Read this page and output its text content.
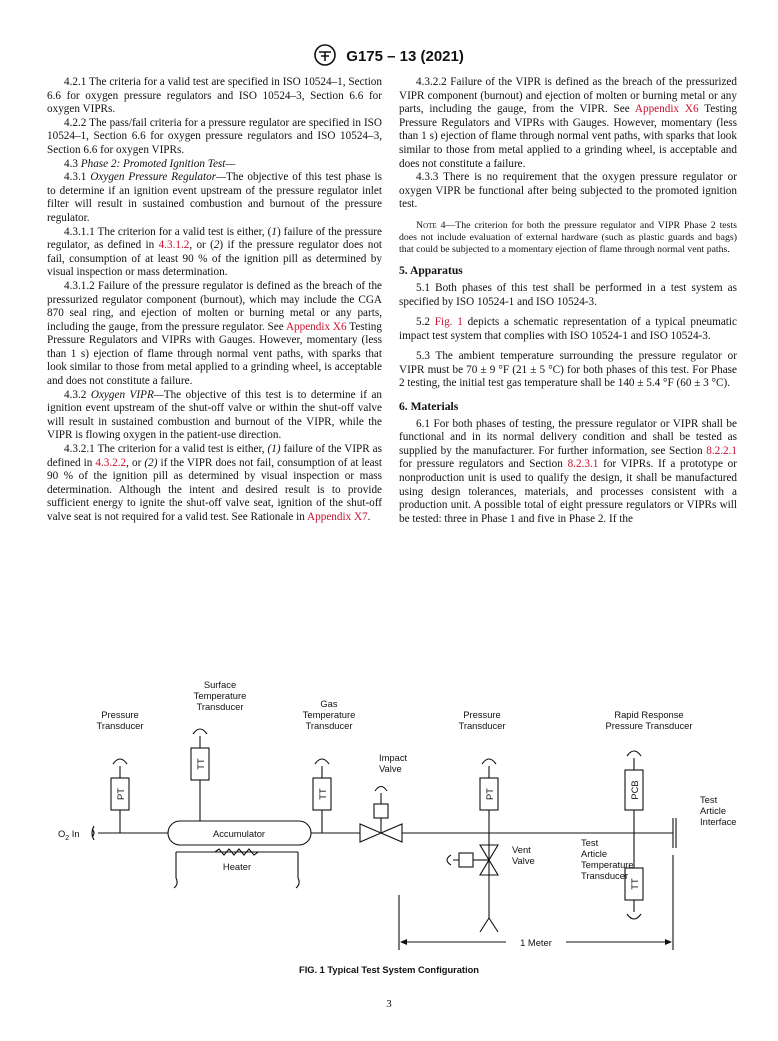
G175 – 13 (2021)

4.2.1 The criteria for a valid test are specified in ISO 10524–1, Section 6.6 for oxygen pressure regulators and ISO 10524–3, Section 6.6 for oxygen VIPRs.

4.2.2 The pass/fail criteria for a pressure regulator are specified in ISO 10524–1, Section 6.6 for oxygen pressure regulators and ISO 10524–3, Section 6.6 for oxygen VIPRs.

4.3 Phase 2: Promoted Ignition Test—

4.3.1 Oxygen Pressure Regulator—The objective of this test phase is to determine if an ignition event upstream of the pressure regulator inlet filter will result in sustained combustion and burnout of the pressure regulator.

4.3.1.1 The criterion for a valid test is either, (1) failure of the pressure regulator, as defined in 4.3.1.2, or (2) if the pressure regulator does not fail, consumption of at least 90 % of the ignition pill as determined by visual inspection or mass determination.

4.3.1.2 Failure of the pressure regulator is defined as the breach of the pressurized regulator component (burnout), which may include the CGA 870 seal ring, and ejection of molten or burning metal or any parts, including the gauge, from the pressure regulator. See Appendix X6 Testing Pressure Regulators and VIPRs with Gauges. However, momentary (less than 1 s) ejection of flame through normal vent paths, with sparks that look similar to those from metal applied to a grinding wheel, is acceptable and does not constitute a failure.

4.3.2 Oxygen VIPR—The objective of this test is to determine if an ignition event upstream of the shut-off valve or within the shut-off valve will result in sustained combustion and burnout of the VIPR, while the VIPR is flowing oxygen in the patient-use direction.

4.3.2.1 The criterion for a valid test is either, (1) failure of the VIPR as defined in 4.3.2.2, or (2) if the VIPR does not fail, consumption of at least 90 % of the ignition pill as determined by visual inspection or mass determination. Although the intent and desired result is to provide sufficient energy to ignite the shut-off valve seat, ignition of the shut-off valve seat is not required for a valid test. See Rationale in Appendix X7.

4.3.2.2 Failure of the VIPR is defined as the breach of the pressurized VIPR component (burnout) and ejection of molten or burning metal or any parts, including the gauge, from the VIPR. See Appendix X6 Testing Pressure Regulators and VIPRs with Gauges. However, momentary (less than 1 s) ejection of flame through normal vent paths, with sparks that look similar to those from metal applied to a grinding wheel, is acceptable and does not constitute a failure.

4.3.3 There is no requirement that the oxygen pressure regulator or oxygen VIPR be functional after being subjected to the promoted ignition test.

Note 4—The criterion for both the pressure regulator and VIPR Phase 2 tests does not include evaluation of external hardware (such as plastic guards and bags) that could be subjected to a momentary ejection of flame through normal vent paths.

5. Apparatus

5.1 Both phases of this test shall be performed in a test system as specified by ISO 10524-1 and ISO 10524-3.

5.2 Fig. 1 depicts a schematic representation of a typical pneumatic impact test system that complies with ISO 10524-1 and ISO 10524-3.

5.3 The ambient temperature surrounding the pressure regulator or VIPR must be 70 ± 9 °F (21 ± 5 °C) for both phases of this test. For Phase 2 testing, the initial test gas temperature shall be 140 ± 5.4 °F (60 ± 3 °C).

6. Materials

6.1 For both phases of testing, the pressure regulator or VIPR shall be functional and in its normal delivery condition and shall be tested as supplied by the manufacturer. For further information, see Section 8.2.2.1 for pressure regulators and Section 8.2.3.1 for VIPRs. If a prototype or nonproduction unit is used to qualify the design, it shall be manufactured using design tolerances, materials, and processes consistent with a production unit. A possible total of eight pressure regulators or VIPRs will be tested: three in Phase 1 and five in Phase 2. If the

PT
TT
TT	PT	PCB
TT
$O_2$ In	Accumulator
Heater
1 Meter
Pressure Transducer
Surface Temperature Transducer	Gas Temperature Transducer
Impact Valve
Pressure Transducer
Rapid Response Pressure Transducer
Test Article Interface
Vent Valve
Test Article Temperature Transducer
FIG. 1 Typical Test System Configuration
3
